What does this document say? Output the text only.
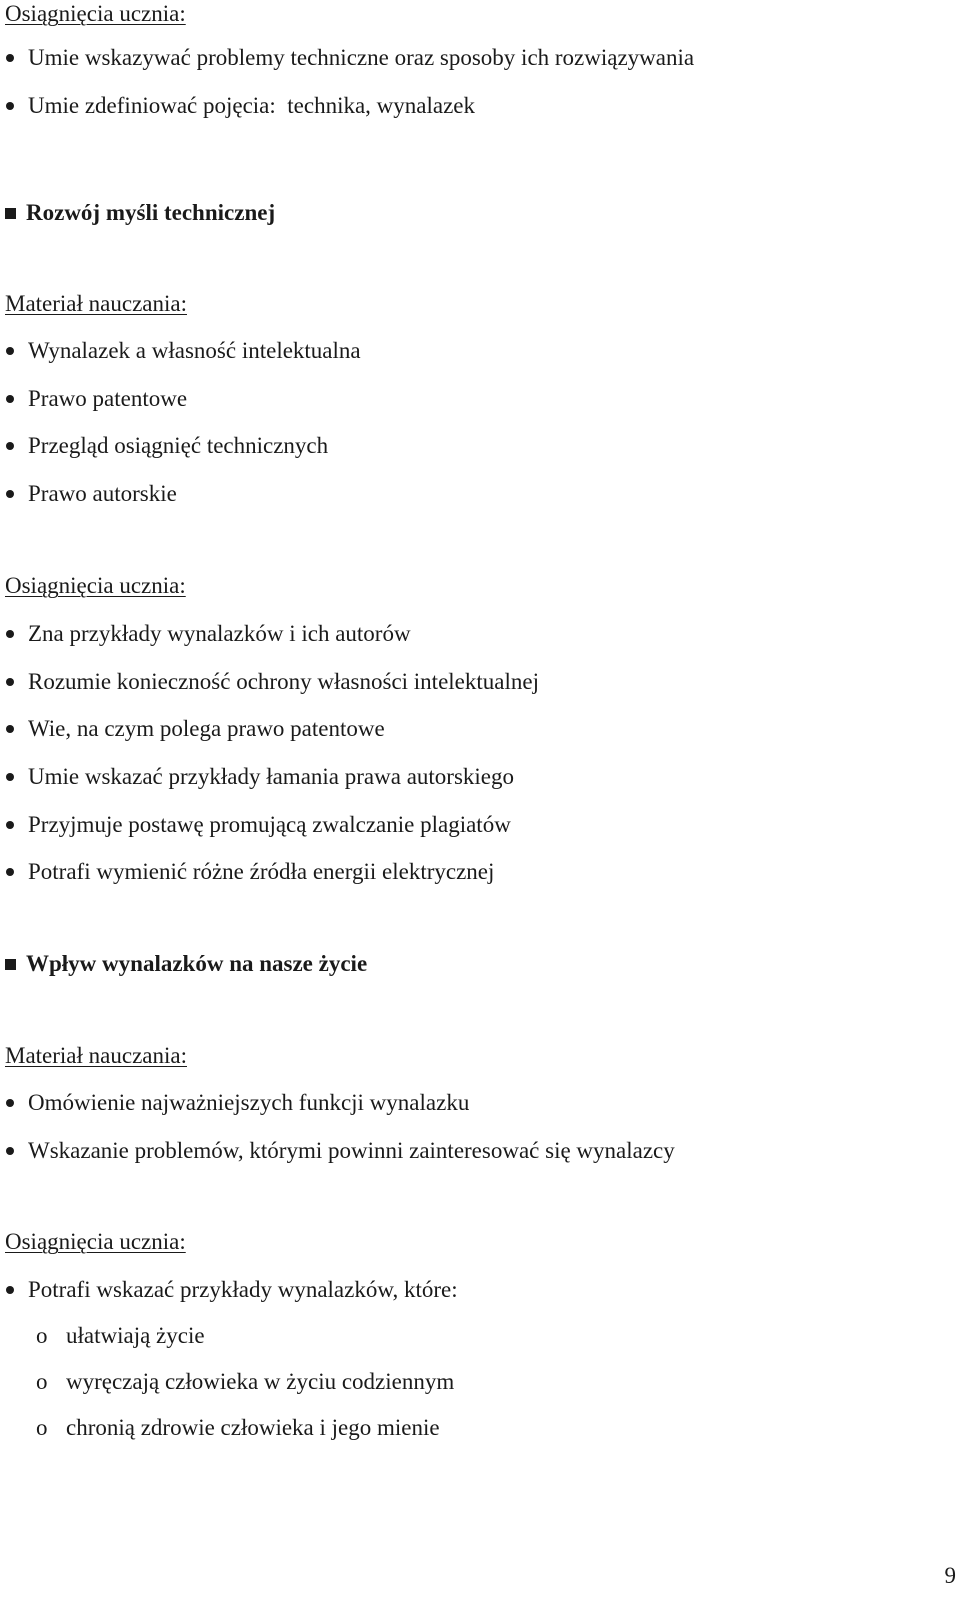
Osiągnięcia ucznia:
Umie wskazywać problemy techniczne oraz sposoby ich rozwiązywania
Umie zdefiniować pojęcia:  technika, wynalazek
Rozwój myśli technicznej
Materiał nauczania:
Wynalazek a własność intelektualna
Prawo patentowe
Przegląd osiągnięć technicznych
Prawo autorskie
Osiągnięcia ucznia:
Zna przykłady wynalazków i ich autorów
Rozumie konieczność ochrony własności intelektualnej
Wie, na czym polega prawo patentowe
Umie wskazać przykłady łamania prawa autorskiego
Przyjmuje postawę promującą zwalczanie plagiatów
Potrafi wymienić różne źródła energii elektrycznej
Wpływ wynalazków na nasze życie
Materiał nauczania:
Omówienie najważniejszych funkcji wynalazku
Wskazanie problemów, którymi powinni zainteresować się wynalazcy
Osiągnięcia ucznia:
Potrafi wskazać przykłady wynalazków, które:
o ułatwiają życie
o wyręczają człowieka w życiu codziennym
o chronią zdrowie człowieka i jego mienie
9
